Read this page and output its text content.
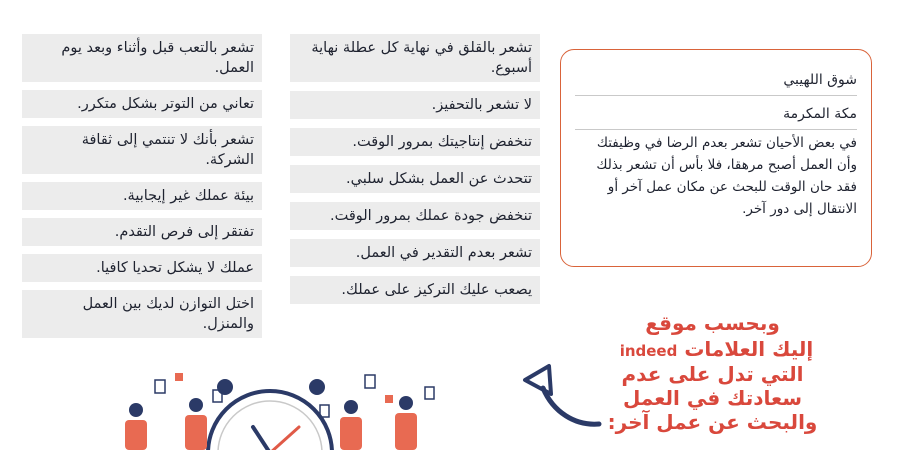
تشعر بالتعب قبل وأثناء وبعد يوم العمل.
تعاني من التوتر بشكل متكرر.
تشعر بأنك لا تنتمي إلى ثقافة الشركة.
بيئة عملك غير إيجابية.
تفتقر إلى فرص التقدم.
عملك لا يشكل تحديا كافيا.
اختل التوازن لديك بين العمل والمنزل.
تشعر بالقلق في نهاية كل عطلة نهاية أسبوع.
لا تشعر بالتحفيز.
تنخفض إنتاجيتك بمرور الوقت.
تتحدث عن العمل بشكل سلبي.
تنخفض جودة عملك بمرور الوقت.
تشعر بعدم التقدير في العمل.
يصعب عليك التركيز على عملك.
شوق اللهيبي
مكة المكرمة
في بعض الأحيان تشعر بعدم الرضا في وظيفتك وأن العمل أصبح مرهقا، فلا بأس أن تشعر بذلك فقد حان الوقت للبحث عن مكان عمل آخر أو الانتقال إلى دور آخر.
وبحسب موقع
إليك العلامات indeed
التي تدل على عدم
سعادتك في العمل
والبحث عن عمل آخر:
